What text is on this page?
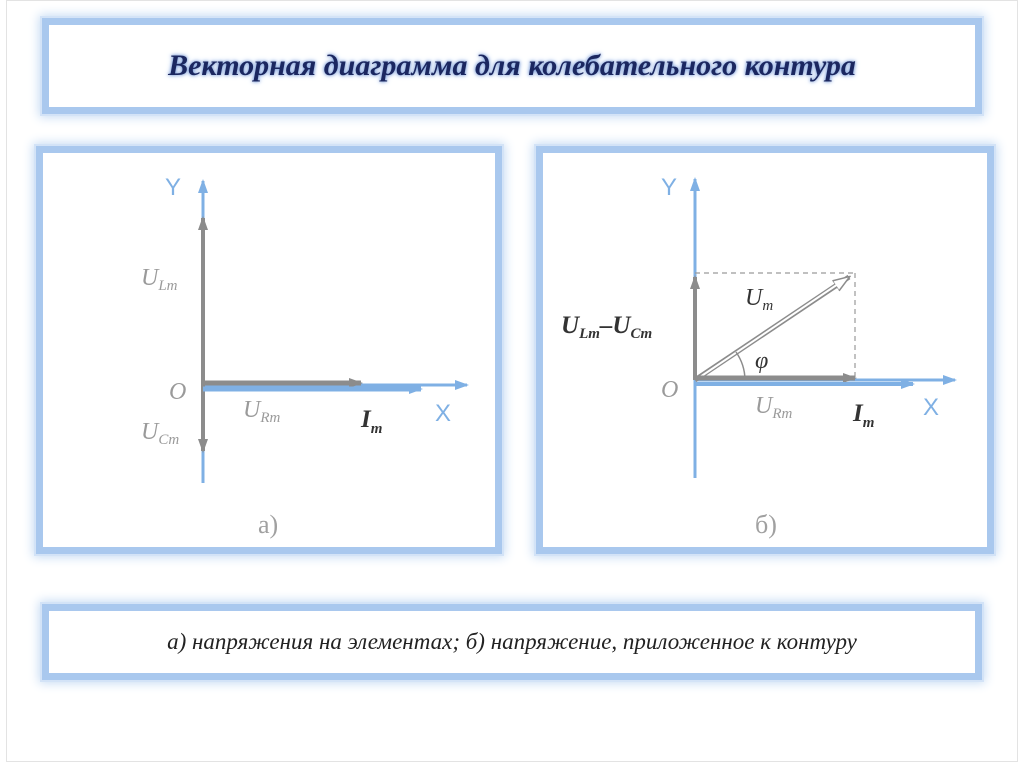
Векторная диаграмма для колебательного контура
Y
X
O
$U_{Lm}$
$U_{Rm}$
$U_{Cm}$
$I_m$
а)
Y
X
O
$U_m$
$U_{Lm}-U_{Cm}$
φ
$U_{Rm}$ $I_m$
б)
а) напряжения на элементах; б) напряжение, приложенное к контуру
